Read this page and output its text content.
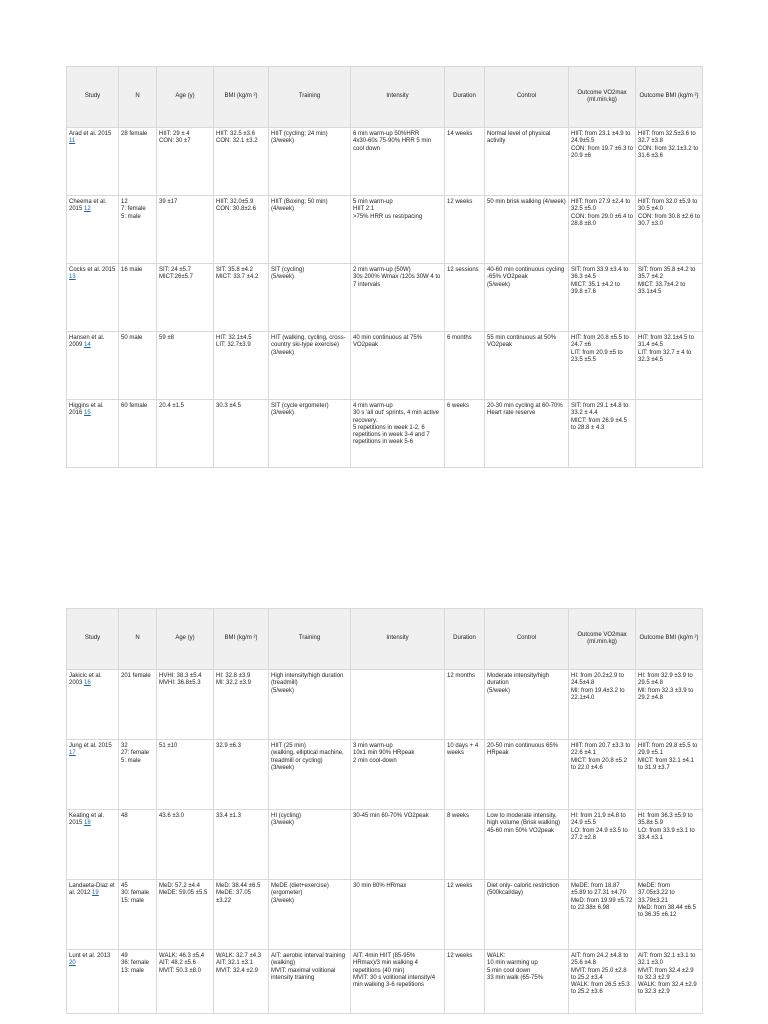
Study	N	Age (y)	BMI (kg/m ²)	Training	Intensity	Duration	Control	Outcome VO2max (ml.min.kg)	Outcome BMI (kg/m ²)
Arad et al. 2015 11	28 female	HIIT: 29 ± 4
CON: 30 ±7	HIIT: 32.5 ±3.6
CON: 32.1 ±3.2	HIIT (cycling; 24 min)
(3/week)	6 min warm-up 50%HRR
4x30-60s 75-90% HRR 5 min cool down	14 weeks	Normal level of physical activity	HIIT: from 23.1 ±4.9 to 24.9±5.5
CON: from 19.7 ±6.3 to 20.9 ±6	HIIT: from 32.5±3.6 to 32.7 ±3.8
CON: from 32.1±3.2 to 31.6 ±3.6
Cheema et al. 2015 12	12
7: female
5: male	39 ±17	HIIT: 32.0±5.9
CON: 30.8±2.6	HIIT (Boxing; 50 min)
(4/week)	5 min warm-up
HIIT 2:1
>75% HRR us rest/pacing	12 weeks	50 min brisk walking (4/week)	HIIT: from 27.9 ±2.4 to 32.5 ±5.0
CON: from 29.0 ±6.4 to 28.8 ±8.0	HIIT: from 32.0 ±5.9 to 30.5 ±4.0
CON: from 30.8 ±2.6 to 30.7 ±3.0
Cocks et al. 2015 13	16 male	SIT: 24 ±5.7
MICT:26±5.7	SIT: 35.8 ±4.2
MICT: 33.7 ±4.2	SIT (cycling)
(5/week)	2 min warm-up (50W)
30s 200% Wmax /120s 30W 4 to 7 intervals	12 sessions	40-60 min continuous cycling -65% VO2peak
(5/week)	SIT: from 33.9 ±3.4 to 36.3 ±4.5
MICT: 35.1 ±4.2 to 39.8 ±7.6	SIT: from 35.8 ±4.2 to 35.7 ±4.2
MICT: 33.7±4.2 to 33.1±4.5
Hansen et al. 2009 14	50 male	59 ±8	HIT: 32.1±4.5
LIT: 32.7±3.9	HIT (walking, cycling, cross-country ski-type exercise)
(3/week)	40 min continuous at 75% VO2peak	6 months	55 min continuous at 50% VO2peak	HIT: from 20.8 ±5.5 to 24.7 ±6
LIT: from 20.9 ±5 to 23.5 ±5.5	HIT: from 32.1±4.5 to 31.4 ±4.5
LIT: from 32.7 ± 4 to 32.3 ±4.5
Higgins et al. 2016 15	60 female	20.4 ±1.5	30.3 ±4.5	SIT (cycle ergometer)
(3/week)	4 min warm-up
30 s 'all out' sprints, 4 min active recovery.
5 repetitions in week 1-2, 6 repetitions in week 3-4 and 7 repetitions in week 5-6	6 weeks	20-30 min cycling at 60-70% Heart rate reserve	SIT: from 29.1 ±4.8 to 33.2 ± 4.4
MICT: from 26.9 ±4.5 to 28.8 ± 4.3	
Study	N	Age (y)	BMI (kg/m ²)	Training	Intensity	Duration	Control	Outcome VO2max (ml.min.kg)	Outcome BMI (kg/m ²)
Jakicic et al. 2003 16	201 female	HVHI: 38.3 ±5.4
MVHI: 36.8±5.3	HI: 32.8 ±3.9
MI: 32.2 ±3.9	High intensity/high duration (treadmill)
(5/week)		12 months	Moderate intensity/high duration
(5/week)	HI: from 20.2±2.9 to 24.5±4.8
MI: from 19.4±3.2 to 22.1±4.0	HI: from 32.9 ±3.9 to 29.5 ±4.8
MI: from 32.3 ±3.9 to 29.2 ±4.8
Jung et al. 2015 17	32
27: female
5: male	51 ±10	32.9 ±6.3	HIIT (25 min)
(walking, elliptical machine, treadmill or cycling)
(3/week)	3 min warm-up
10x1 min 90% HRpeak
2 min cool-down	10 days + 4 weeks	20-50 min continuous 65% HRpeak	HIIT: from 20.7 ±3.3 to 22.6 ±4.1
MICT: from 20.8 ±5.2 to 22.0 ±4.6	HIIT: from 29.8 ±5.5 to 29.9 ±5.1
MICT: from 32.1 ±4.1 to 31.9 ±3.7
Keating et al. 2015 18	48	43.6 ±3.0	33.4 ±1.3	HI (cycling)
(3/week)	30-45 min 60-70% VO2peak	8 weeks	Low to moderate intensity, high volume (Brisk walking)
45-60 min 50% VO2peak	HI: from 21.9 ±4.8 to 24.9 ±5.5
LO: from 24.9 ±3.5 to 27.2 ±2.8	HI: from 36.3 ±5.9 to 35.8± 5.9
LO: from 33.9 ±3.1 to 33.4 ±3.1
Landaeta-Diaz et al. 2012 19	45
30: female
15: male	MeD: 57.2 ±4.4
MeDE: 59.05 ±5.5	MeD: 38.44 ±6.5
MeDE: 37.05 ±3.22	MeDE (diet+exercise)
(ergometer)
(3/week)	30 min 80% HRmax	12 weeks	Diet only- caloric restriction (500kcal/day)	MeDE: from 18.87 ±5.89 to 27.31 ±4.70
MeD: from 19.99 ±5.72 to 22.38± 6.98	MeDE: from 37.05±3.22 to 33.79±3.21
MeD: from 38.44 ±6.5 to 36.35 ±6.12
Lunt et al. 2013 20	49
36: female
13: male	WALK: 46.3 ±5.4
AIT: 48.2 ±5.6
MVIT: 50.3 ±8.0	WALK: 32.7 ±4.3
AIT: 32.1 ±3.1
MVIT: 32.4 ±2.9	AIT: aerobic interval training (walking)
MVIT: maximal volitional intensity training	AIT: 4min HIIT (85-95% HRmax)/3 min walking 4 repetitions (40 min)
MVIT: 30 s volitional intensity/4 min walking 3-6 repetitions	12 weeks	WALK:
10 min warming up
5 min cool down
33 min walk (65-75%	AIT: from 24.2 ±4.8 to 25.6 ±4.8
MVIT: from 25.0 ±2.8 to 25.2 ±3.4
WALK: from 26.5 ±5.3 to 25.2 ±3.6	AIT: from 32.1 ±3.1 to 32.1 ±3.0
MVIT: from 32.4 ±2.9 to 32.3 ±2.9
WALK: from 32.4 ±2.9 to 32.3 ±2.9
